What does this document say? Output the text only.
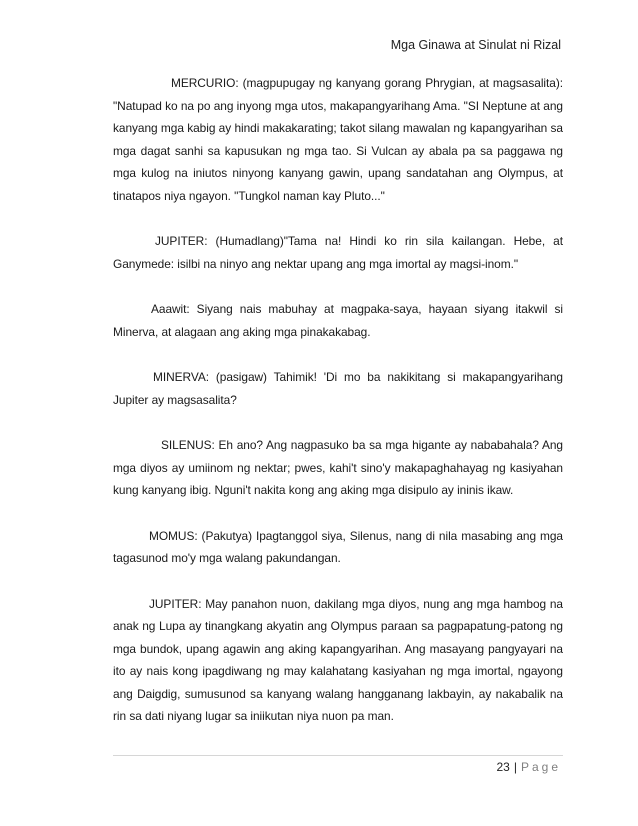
Mga Ginawa at Sinulat ni Rizal

MERCURIO: (magpupugay ng kanyang gorang Phrygian, at magsasalita): "Natupad ko na po ang inyong mga utos, makapangyarihang Ama. "SI Neptune at ang kanyang mga kabig ay hindi makakarating; takot silang mawalan ng kapangyarihan sa mga dagat sanhi sa kapusukan ng mga tao. Si Vulcan ay abala pa sa paggawa ng mga kulog na iniutos ninyong kanyang gawin, upang sandatahan ang Olympus, at tinatapos niya ngayon. "Tungkol naman kay Pluto..."

JUPITER: (Humadlang)"Tama na! Hindi ko rin sila kailangan. Hebe, at Ganymede: isilbi na ninyo ang nektar upang ang mga imortal ay magsi-inom."

Aaawit: Siyang nais mabuhay at magpaka-saya, hayaan siyang itakwil si Minerva, at alagaan ang aking mga pinakakabag.

MINERVA: (pasigaw) Tahimik! 'Di mo ba nakikitang si makapangyarihang Jupiter ay magsasalita?

SILENUS: Eh ano? Ang nagpasuko ba sa mga higante ay nababahala? Ang mga diyos ay umiinom ng nektar; pwes, kahi't sino'y makapaghahayag ng kasiyahan kung kanyang ibig. Nguni't nakita kong ang aking mga disipulo ay ininis ikaw.

MOMUS: (Pakutya) Ipagtanggol siya, Silenus, nang di nila masabing ang mga tagasunod mo'y mga walang pakundangan.

JUPITER: May panahon nuon, dakilang mga diyos, nung ang mga hambog na anak ng Lupa ay tinangkang akyatin ang Olympus paraan sa pagpapatung-patong ng mga bundok, upang agawin ang aking kapangyarihan. Ang masayang pangyayari na ito ay nais kong ipagdiwang ng may kalahatang kasiyahan ng mga imortal, ngayong ang Daigdig, sumusunod sa kanyang walang hangganang lakbayin, ay nakabalik na rin sa dati niyang lugar sa iniikutan niya nuon pa man.

23 | Page
